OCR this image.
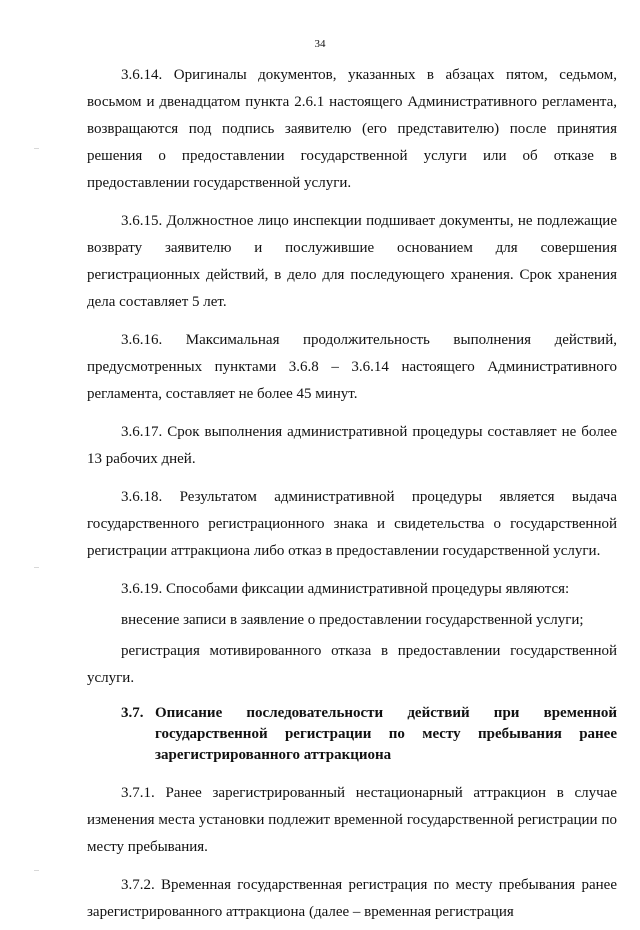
34

3.6.14. Оригиналы документов, указанных в абзацах пятом, седьмом, восьмом и двенадцатом пункта 2.6.1 настоящего Административного регламента, возвращаются под подпись заявителю (его представителю) после принятия решения о предоставлении государственной услуги или об отказе в предоставлении государственной услуги.

3.6.15. Должностное лицо инспекции подшивает документы, не подлежащие возврату заявителю и послужившие основанием для совершения регистрационных действий, в дело для последующего хранения. Срок хранения дела составляет 5 лет.

3.6.16. Максимальная продолжительность выполнения действий, предусмотренных пунктами 3.6.8 – 3.6.14 настоящего Административного регламента, составляет не более 45 минут.

3.6.17. Срок выполнения административной процедуры составляет не более 13 рабочих дней.

3.6.18. Результатом административной процедуры является выдача государственного регистрационного знака и свидетельства о государственной регистрации аттракциона либо отказ в предоставлении государственной услуги.

3.6.19. Способами фиксации административной процедуры являются:

внесение записи в заявление о предоставлении государственной услуги;

регистрация мотивированного отказа в предоставлении государственной услуги.

3.7. Описание последовательности действий при временной государственной регистрации по месту пребывания ранее зарегистрированного аттракциона

3.7.1. Ранее зарегистрированный нестационарный аттракцион в случае изменения места установки подлежит временной государственной регистрации по месту пребывания.

3.7.2. Временная государственная регистрация по месту пребывания ранее зарегистрированного аттракциона (далее – временная регистрация
